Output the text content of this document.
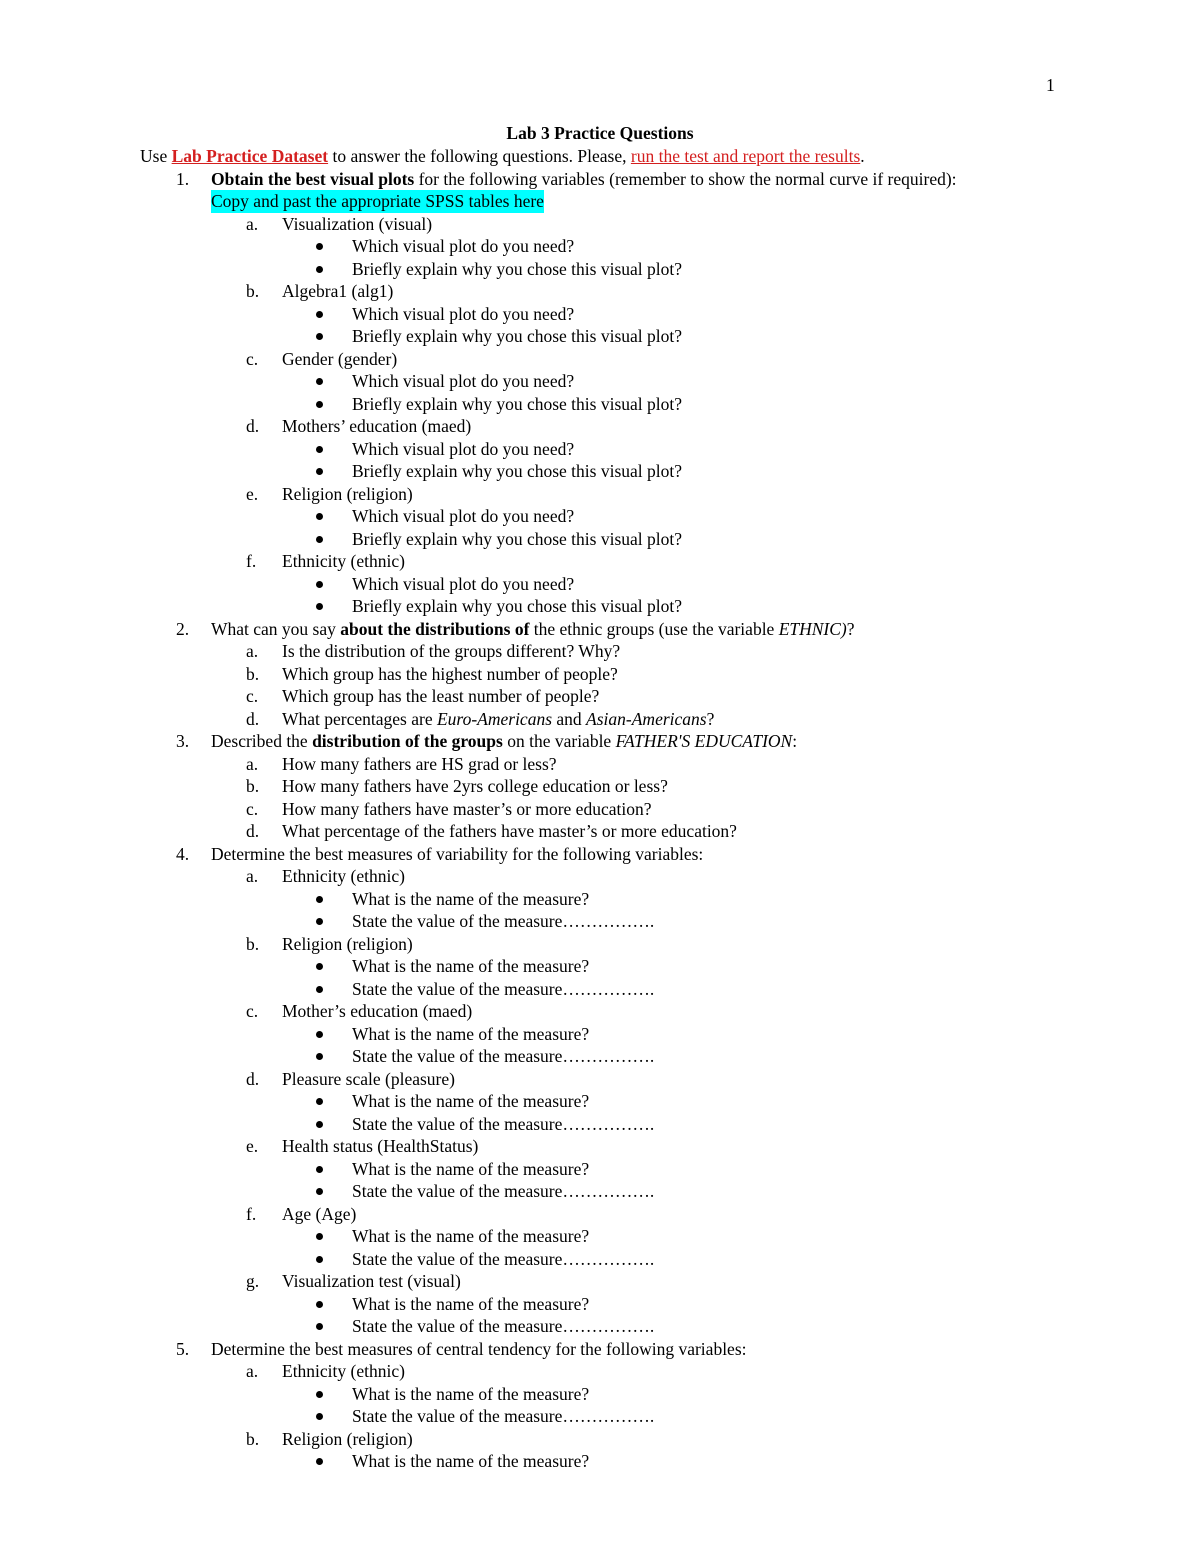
1
Lab 3 Practice Questions
Use Lab Practice Dataset to answer the following questions. Please, run the test and report the results.
1. Obtain the best visual plots for the following variables (remember to show the normal curve if required):
Copy and past the appropriate SPSS tables here
a. Visualization (visual)
Which visual plot do you need?
Briefly explain why you chose this visual plot?
b. Algebra1 (alg1)
Which visual plot do you need?
Briefly explain why you chose this visual plot?
c. Gender (gender)
Which visual plot do you need?
Briefly explain why you chose this visual plot?
d. Mothers’ education (maed)
Which visual plot do you need?
Briefly explain why you chose this visual plot?
e. Religion (religion)
Which visual plot do you need?
Briefly explain why you chose this visual plot?
f. Ethnicity (ethnic)
Which visual plot do you need?
Briefly explain why you chose this visual plot?
2. What can you say about the distributions of the ethnic groups (use the variable ETHNIC)?
a. Is the distribution of the groups different? Why?
b. Which group has the highest number of people?
c. Which group has the least number of people?
d. What percentages are Euro-Americans and Asian-Americans?
3. Described the distribution of the groups on the variable FATHER'S EDUCATION:
a. How many fathers are HS grad or less?
b. How many fathers have 2yrs college education or less?
c. How many fathers have master’s or more education?
d. What percentage of the fathers have master’s or more education?
4. Determine the best measures of variability for the following variables:
a. Ethnicity (ethnic)
What is the name of the measure?
State the value of the measure…………….
b. Religion (religion)
What is the name of the measure?
State the value of the measure…………….
c. Mother’s education (maed)
What is the name of the measure?
State the value of the measure…………….
d. Pleasure scale (pleasure)
What is the name of the measure?
State the value of the measure…………….
e. Health status (HealthStatus)
What is the name of the measure?
State the value of the measure…………….
f. Age (Age)
What is the name of the measure?
State the value of the measure…………….
g. Visualization test (visual)
What is the name of the measure?
State the value of the measure…………….
5. Determine the best measures of central tendency for the following variables:
a. Ethnicity (ethnic)
What is the name of the measure?
State the value of the measure…………….
b. Religion (religion)
What is the name of the measure?
